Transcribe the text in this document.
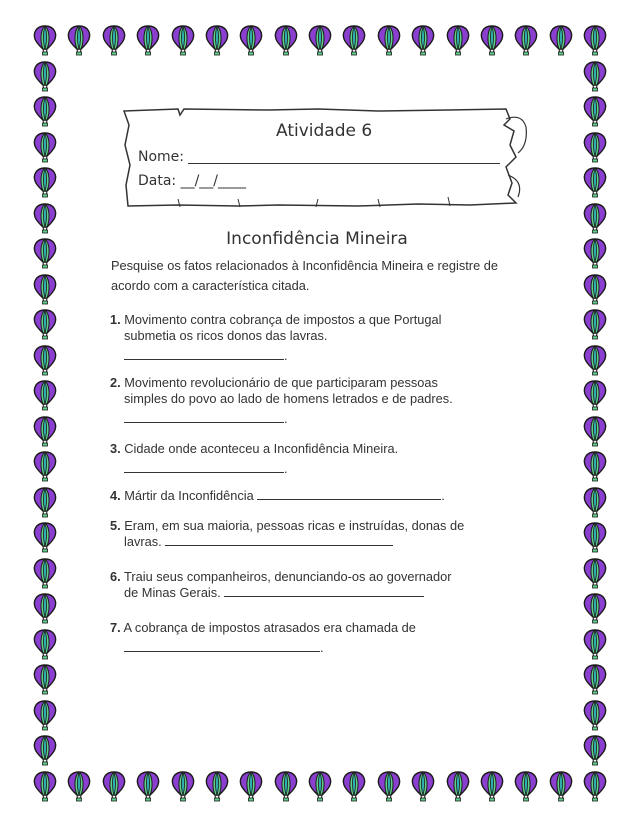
Atividade 6
Nome:
Data: __/__/____
Inconfidência Mineira
Pesquise os fatos relacionados à Inconfidência Mineira e registre de acordo com a característica citada.
1. Movimento contra cobrança de impostos a que Portugal
submetia os ricos donos das lavras.
.
2. Movimento revolucionário de que participaram pessoas
simples do povo ao lado de homens letrados e de padres.
.
3. Cidade onde aconteceu a Inconfidência Mineira.
.
4. Mártir da Inconfidência	.
5. Eram, em sua maioria, pessoas ricas e instruídas, donas de
lavras.
6. Traiu seus companheiros, denunciando-os ao governador
de Minas Gerais.
7. A cobrança de impostos atrasados era chamada de
.
